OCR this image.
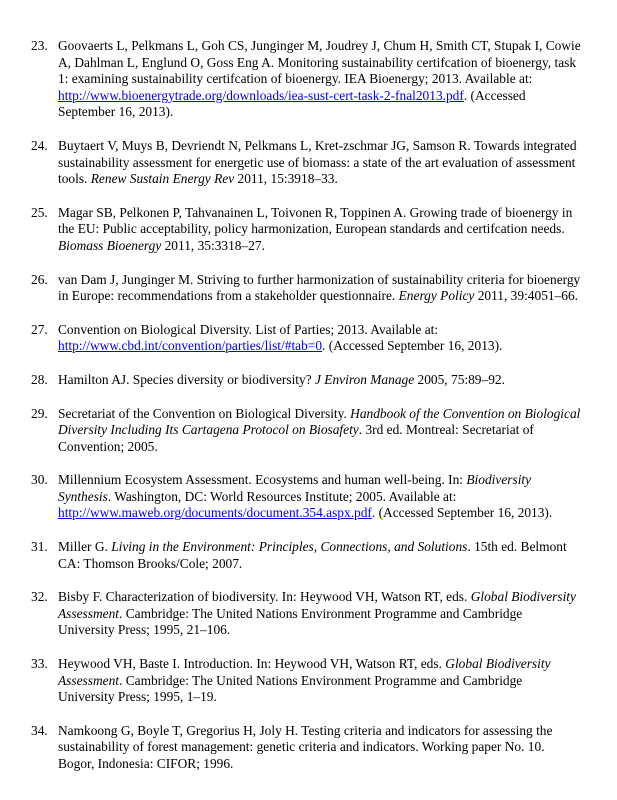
23. Goovaerts L, Pelkmans L, Goh CS, Junginger M, Joudrey J, Chum H, Smith CT, Stupak I, Cowie A, Dahlman L, Englund O, Goss Eng A. Monitoring sustainability certifcation of bioenergy, task 1: examining sustainability certifcation of bioenergy. IEA Bioenergy; 2013. Available at: http://www.bioenergytrade.org/downloads/iea-sust-cert-task-2-fnal2013.pdf. (Accessed September 16, 2013).
24. Buytaert V, Muys B, Devriendt N, Pelkmans L, Kret-zschmar JG, Samson R. Towards integrated sustainability assessment for energetic use of biomass: a state of the art evaluation of assessment tools. Renew Sustain Energy Rev 2011, 15:3918–33.
25. Magar SB, Pelkonen P, Tahvanainen L, Toivonen R, Toppinen A. Growing trade of bioenergy in the EU: Public acceptability, policy harmonization, European standards and certifcation needs. Biomass Bioenergy 2011, 35:3318–27.
26. van Dam J, Junginger M. Striving to further harmonization of sustainability criteria for bioenergy in Europe: recommendations from a stakeholder questionnaire. Energy Policy 2011, 39:4051–66.
27. Convention on Biological Diversity. List of Parties; 2013. Available at: http://www.cbd.int/convention/parties/list/#tab=0. (Accessed September 16, 2013).
28. Hamilton AJ. Species diversity or biodiversity? J Environ Manage 2005, 75:89–92.
29. Secretariat of the Convention on Biological Diversity. Handbook of the Convention on Biological Diversity Including Its Cartagena Protocol on Biosafety. 3rd ed. Montreal: Secretariat of Convention; 2005.
30. Millennium Ecosystem Assessment. Ecosystems and human well-being. In: Biodiversity Synthesis. Washington, DC: World Resources Institute; 2005. Available at: http://www.maweb.org/documents/document.354.aspx.pdf. (Accessed September 16, 2013).
31. Miller G. Living in the Environment: Principles, Connections, and Solutions. 15th ed. Belmont CA: Thomson Brooks/Cole; 2007.
32. Bisby F. Characterization of biodiversity. In: Heywood VH, Watson RT, eds. Global Biodiversity Assessment. Cambridge: The United Nations Environment Programme and Cambridge University Press; 1995, 21–106.
33. Heywood VH, Baste I. Introduction. In: Heywood VH, Watson RT, eds. Global Biodiversity Assessment. Cambridge: The United Nations Environment Programme and Cambridge University Press; 1995, 1–19.
34. Namkoong G, Boyle T, Gregorius H, Joly H. Testing criteria and indicators for assessing the sustainability of forest management: genetic criteria and indicators. Working paper No. 10. Bogor, Indonesia: CIFOR; 1996.
